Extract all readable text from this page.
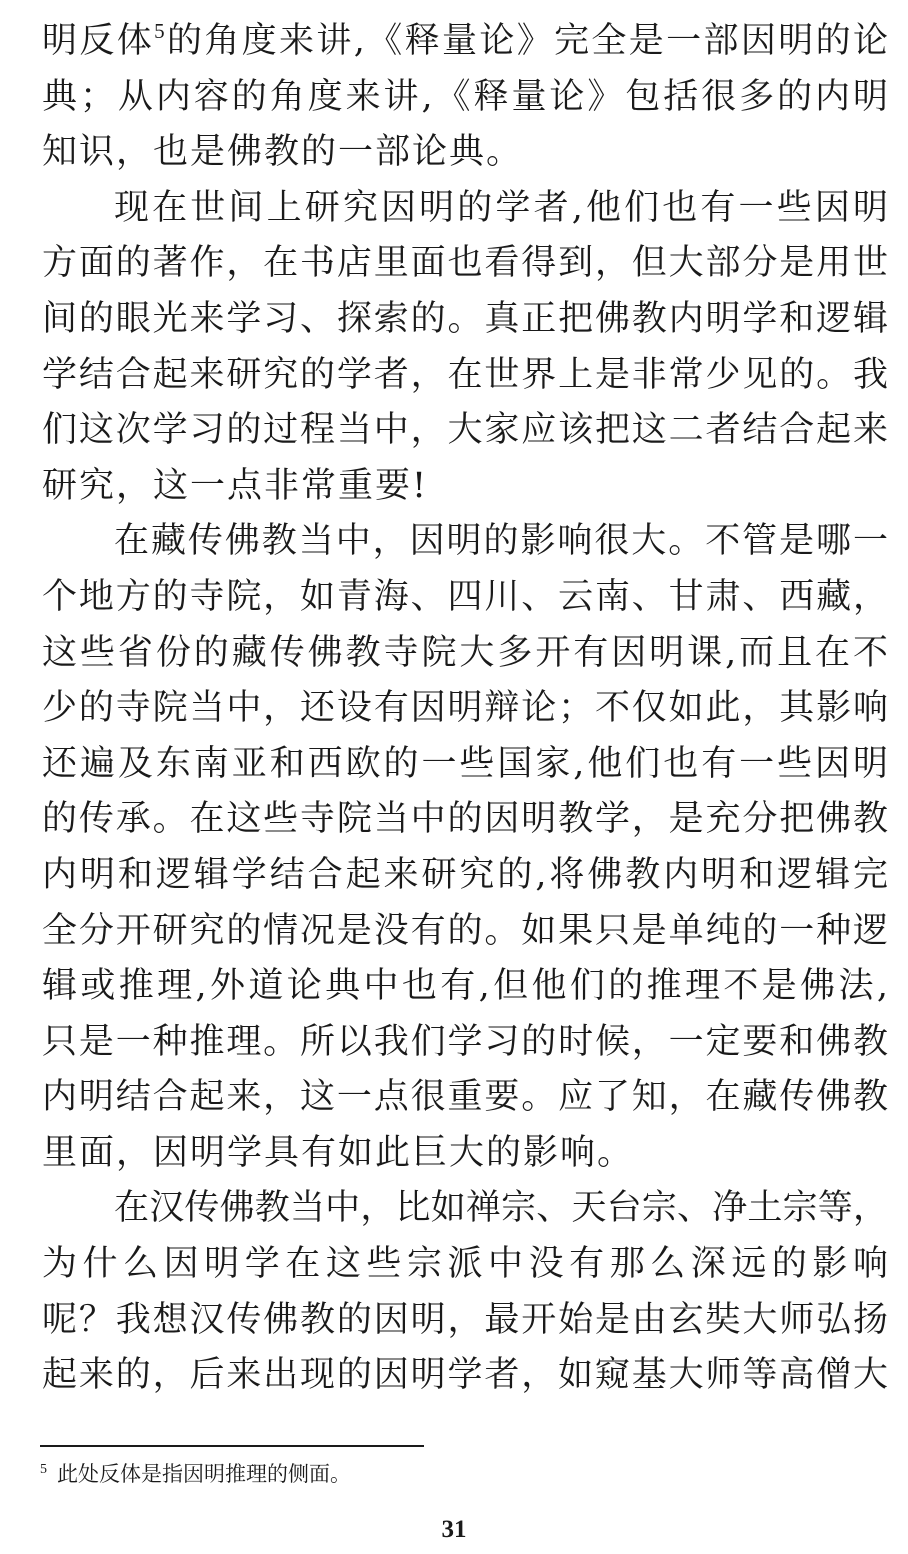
明反体$^5$的角度来讲,《释量论》完全是一部因明的论
典；从内容的角度来讲,《释量论》包括很多的内明
知识，也是佛教的一部论典。
现在世间上研究因明的学者,他们也有一些因明
方面的著作，在书店里面也看得到，但大部分是用世
间的眼光来学习、探索的。真正把佛教内明学和逻辑
学结合起来研究的学者，在世界上是非常少见的。我
们这次学习的过程当中，大家应该把这二者结合起来
研究，这一点非常重要!
在藏传佛教当中，因明的影响很大。不管是哪一
个地方的寺院，如青海、四川、云南、甘肃、西藏，
这些省份的藏传佛教寺院大多开有因明课,而且在不
少的寺院当中，还设有因明辩论；不仅如此，其影响
还遍及东南亚和西欧的一些国家,他们也有一些因明
的传承。在这些寺院当中的因明教学，是充分把佛教
内明和逻辑学结合起来研究的,将佛教内明和逻辑完
全分开研究的情况是没有的。如果只是单纯的一种逻
辑或推理,外道论典中也有,但他们的推理不是佛法,
只是一种推理。所以我们学习的时候，一定要和佛教
内明结合起来，这一点很重要。应了知，在藏传佛教
里面，因明学具有如此巨大的影响。
在汉传佛教当中，比如禅宗、天台宗、净土宗等，
为什么因明学在这些宗派中没有那么深远的影响
呢？我想汉传佛教的因明，最开始是由玄奘大师弘扬
起来的，后来出现的因明学者，如窥基大师等高僧大
$^5$ 此处反体是指因明推理的侧面。
31
